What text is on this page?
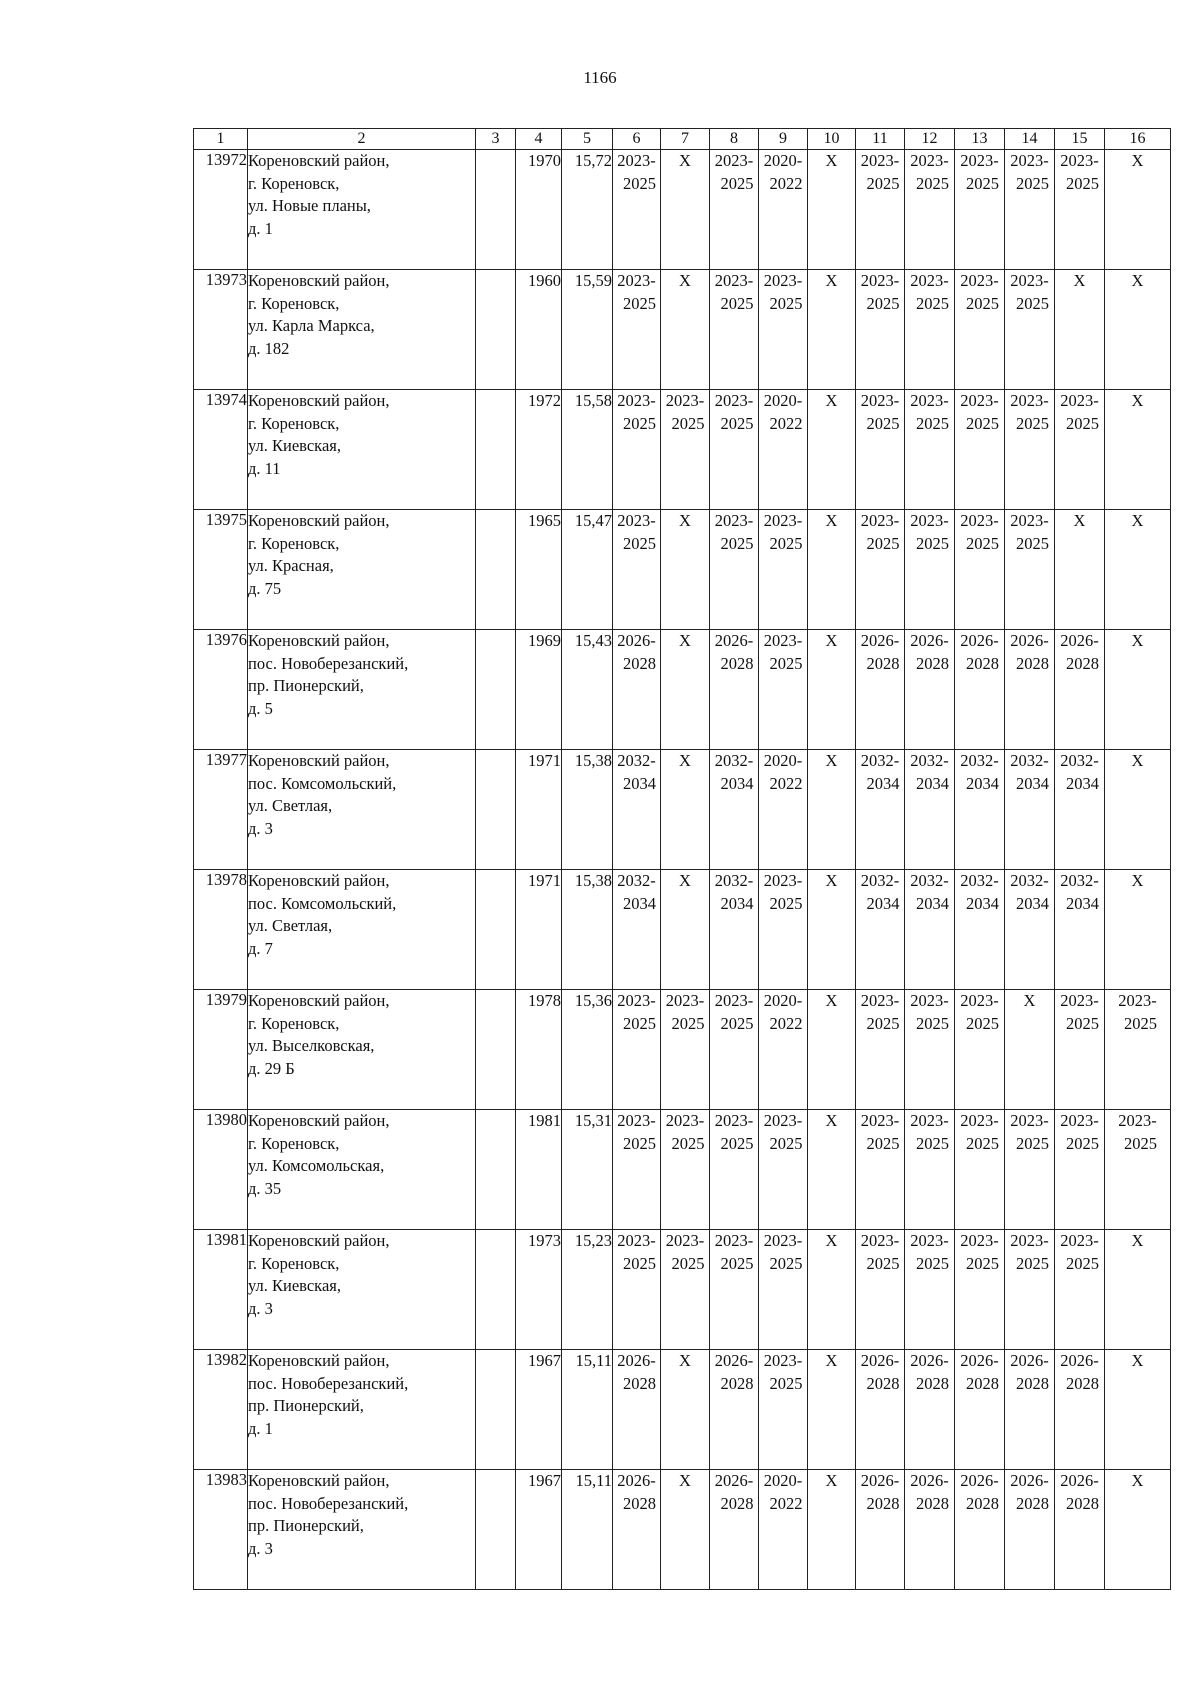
1166
1	2	3	4	5	6	7	8	9	10	11	12	13	14	15	16
13972	Кореновский район,
г. Кореновск,
ул. Новые планы,
д. 1		1970	15,72	2023-
2025	Х	2023-
2025	2020-
2022	Х	2023-
2025	2023-
2025	2023-
2025	2023-
2025	2023-
2025	Х

13973	Кореновский район,
г. Кореновск,
ул. Карла Маркса,
д. 182		1960	15,59	2023-
2025	Х	2023-
2025	2023-
2025	Х	2023-
2025	2023-
2025	2023-
2025	2023-
2025	Х	Х

13974	Кореновский район,
г. Кореновск,
ул. Киевская,
д. 11		1972	15,58	2023-
2025	2023-
2025	2023-
2025	2020-
2022	Х	2023-
2025	2023-
2025	2023-
2025	2023-
2025	2023-
2025	Х

13975	Кореновский район,
г. Кореновск,
ул. Красная,
д. 75		1965	15,47	2023-
2025	Х	2023-
2025	2023-
2025	Х	2023-
2025	2023-
2025	2023-
2025	2023-
2025	Х	Х

13976	Кореновский район,
пос. Новоберезанский,
пр. Пионерский,
д. 5		1969	15,43	2026-
2028	Х	2026-
2028	2023-
2025	Х	2026-
2028	2026-
2028	2026-
2028	2026-
2028	2026-
2028	Х

13977	Кореновский район,
пос. Комсомольский,
ул. Светлая,
д. 3		1971	15,38	2032-
2034	Х	2032-
2034	2020-
2022	Х	2032-
2034	2032-
2034	2032-
2034	2032-
2034	2032-
2034	Х

13978	Кореновский район,
пос. Комсомольский,
ул. Светлая,
д. 7		1971	15,38	2032-
2034	Х	2032-
2034	2023-
2025	Х	2032-
2034	2032-
2034	2032-
2034	2032-
2034	2032-
2034	Х

13979	Кореновский район,
г. Кореновск,
ул. Выселковская,
д. 29 Б		1978	15,36	2023-
2025	2023-
2025	2023-
2025	2020-
2022	Х	2023-
2025	2023-
2025	2023-
2025	Х	2023-
2025	2023-
2025

13980	Кореновский район,
г. Кореновск,
ул. Комсомольская,
д. 35		1981	15,31	2023-
2025	2023-
2025	2023-
2025	2023-
2025	Х	2023-
2025	2023-
2025	2023-
2025	2023-
2025	2023-
2025	2023-
2025

13981	Кореновский район,
г. Кореновск,
ул. Киевская,
д. 3		1973	15,23	2023-
2025	2023-
2025	2023-
2025	2023-
2025	Х	2023-
2025	2023-
2025	2023-
2025	2023-
2025	2023-
2025	Х

13982	Кореновский район,
пос. Новоберезанский,
пр. Пионерский,
д. 1		1967	15,11	2026-
2028	Х	2026-
2028	2023-
2025	Х	2026-
2028	2026-
2028	2026-
2028	2026-
2028	2026-
2028	Х

13983	Кореновский район,
пос. Новоберезанский,
пр. Пионерский,
д. 3		1967	15,11	2026-
2028	Х	2026-
2028	2020-
2022	Х	2026-
2028	2026-
2028	2026-
2028	2026-
2028	2026-
2028	Х
